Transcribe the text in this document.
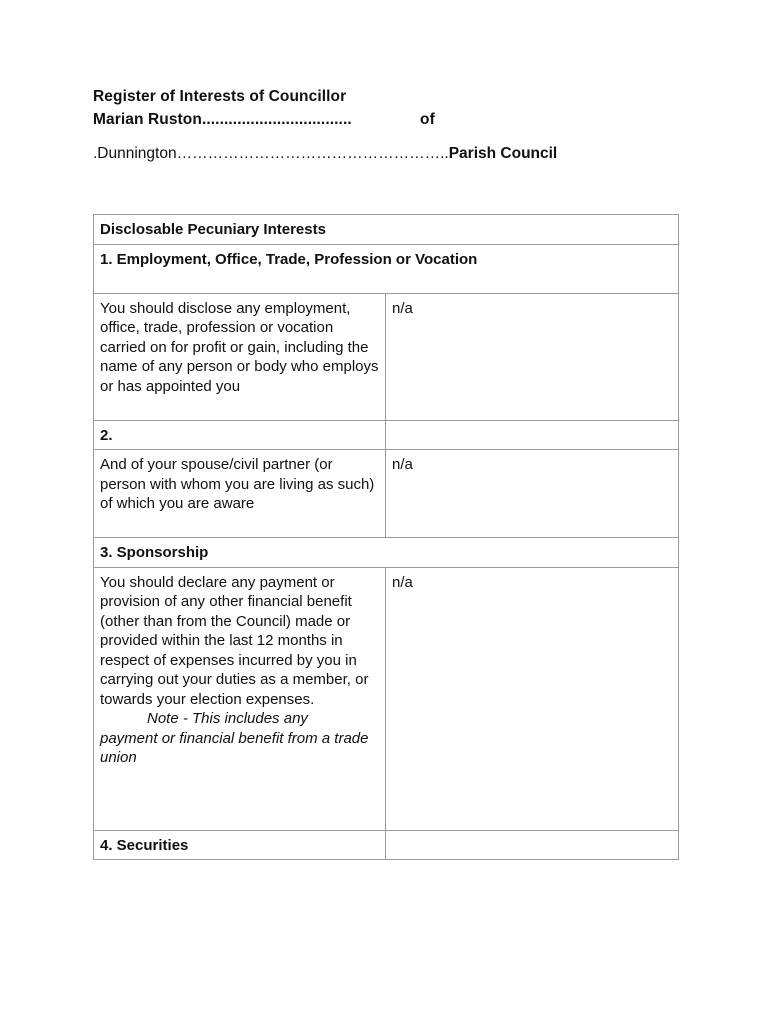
Register of Interests of Councillor
Marian Ruston..................................	of
.Dunnington……………………………………………..Parish Council
Disclosable Pecuniary Interests	
1. Employment, Office, Trade, Profession or Vocation	
You should disclose any employment, office, trade, profession or vocation carried on for profit or gain, including the name of any person or body who employs or has appointed you	n/a
2.	
And of your spouse/civil partner (or person with whom you are living as such) of which you are aware	n/a
3. Sponsorship	

You should declare any payment or provision of any other financial benefit (other than from the Council) made or provided within the last 12 months in respect of expenses incurred by you in carrying out your duties as a member, or towards your election expenses.
Note - This includes any
payment or financial benefit from a trade union	n/a
4. Securities	
